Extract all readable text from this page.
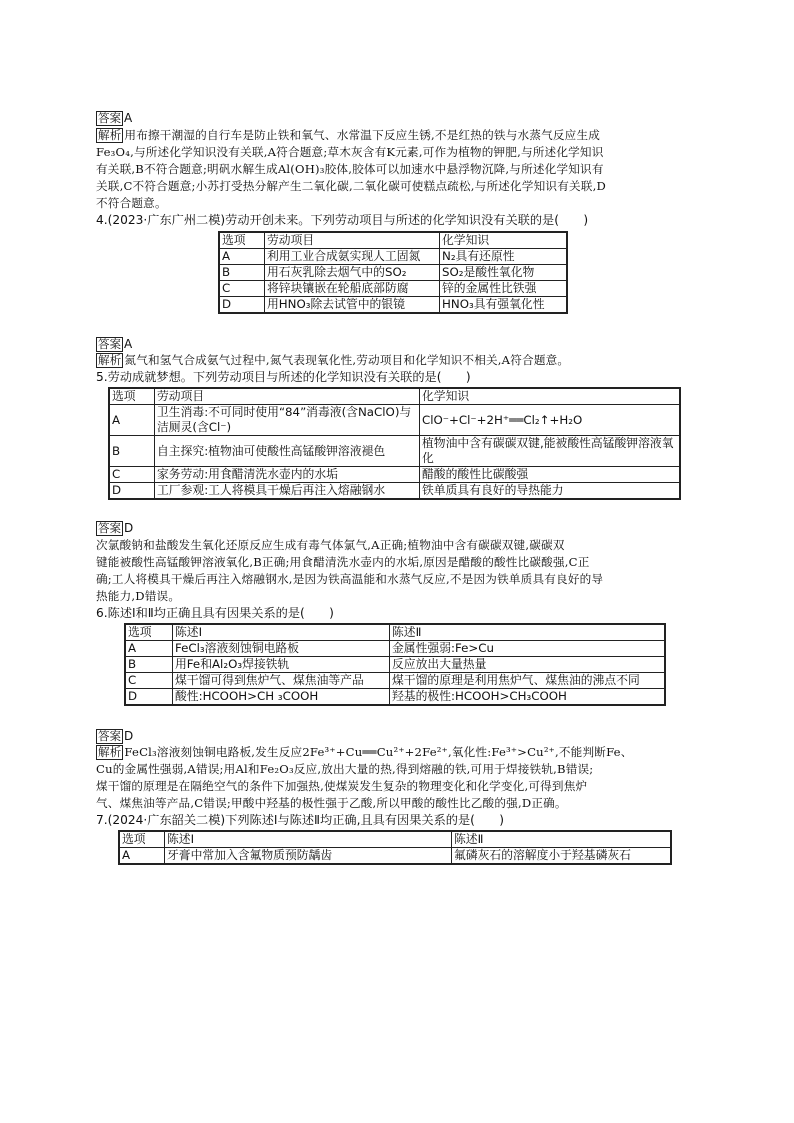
答案 A
解析 用布擦干潮湿的自行车是防止铁和氧气、水常温下反应生锈,不是红热的铁与水蒸气反应生成
Fe₃O₄,与所述化学知识没有关联,A符合题意;草木灰含有K元素,可作为植物的钾肥,与所述化学知识
有关联,B不符合题意;明矾水解生成Al(OH)₃胶体,胶体可以加速水中悬浮物沉降,与所述化学知识有
关联,C不符合题意;小苏打受热分解产生二氧化碳,二氧化碳可使糕点疏松,与所述化学知识有关联,D
不符合题意。
4.(2023·广东广州二模)劳动开创未来。下列劳动项目与所述的化学知识没有关联的是(　　)
选项	劳动项目	化学知识
A	利用工业合成氨实现人工固氮	N₂具有还原性
B	用石灰乳除去烟气中的SO₂	SO₂是酸性氧化物
C	将锌块镶嵌在轮船底部防腐	锌的金属性比铁强
D	用HNO₃除去试管中的银镜	HNO₃具有强氧化性
答案 A
解析 氮气和氢气合成氨气过程中,氮气表现氧化性,劳动项目和化学知识不相关,A符合题意。
5.劳动成就梦想。下列劳动项目与所述的化学知识没有关联的是(　　)
选项	劳动项目	化学知识
A	卫生消毒:不可同时使用“84”消毒液(含NaClO)与洁厕灵(含Cl⁻)	ClO⁻+Cl⁻+2H⁺══Cl₂↑+H₂O
B	自主探究:植物油可使酸性高锰酸钾溶液褪色	植物油中含有碳碳双键,能被酸性高锰酸钾溶液氧化
C	家务劳动:用食醋清洗水壶内的水垢	醋酸的酸性比碳酸强
D	工厂参观:工人将模具干燥后再注入熔融钢水	铁单质具有良好的导热能力
答案 D
次氯酸钠和盐酸发生氧化还原反应生成有毒气体氯气,A正确;植物油中含有碳碳双键,碳碳双
键能被酸性高锰酸钾溶液氧化,B正确;用食醋清洗水壶内的水垢,原因是醋酸的酸性比碳酸强,C正
确;工人将模具干燥后再注入熔融钢水,是因为铁高温能和水蒸气反应,不是因为铁单质具有良好的导
热能力,D错误。
6.陈述Ⅰ和Ⅱ均正确且具有因果关系的是(　　)
选项	陈述Ⅰ	陈述Ⅱ
A	FeCl₃溶液刻蚀铜电路板	金属性强弱:Fe>Cu
B	用Fe和Al₂O₃焊接铁轨	反应放出大量热量
C	煤干馏可得到焦炉气、煤焦油等产品	煤干馏的原理是利用焦炉气、煤焦油的沸点不同
D	酸性:HCOOH>CH ₃COOH	羟基的极性:HCOOH>CH₃COOH
答案 D
解析 FeCl₃溶液刻蚀铜电路板,发生反应2Fe³⁺+Cu══Cu²⁺+2Fe²⁺,氧化性:Fe³⁺>Cu²⁺,不能判断Fe、
Cu的金属性强弱,A错误;用Al和Fe₂O₃反应,放出大量的热,得到熔融的铁,可用于焊接铁轨,B错误;
煤干馏的原理是在隔绝空气的条件下加强热,使煤炭发生复杂的物理变化和化学变化,可得到焦炉
气、煤焦油等产品,C错误;甲酸中羟基的极性强于乙酸,所以甲酸的酸性比乙酸的强,D正确。
7.(2024·广东韶关二模)下列陈述Ⅰ与陈述Ⅱ均正确,且具有因果关系的是(　　)
选项	陈述Ⅰ	陈述Ⅱ
A	牙膏中常加入含氟物质预防龋齿	氟磷灰石的溶解度小于羟基磷灰石
